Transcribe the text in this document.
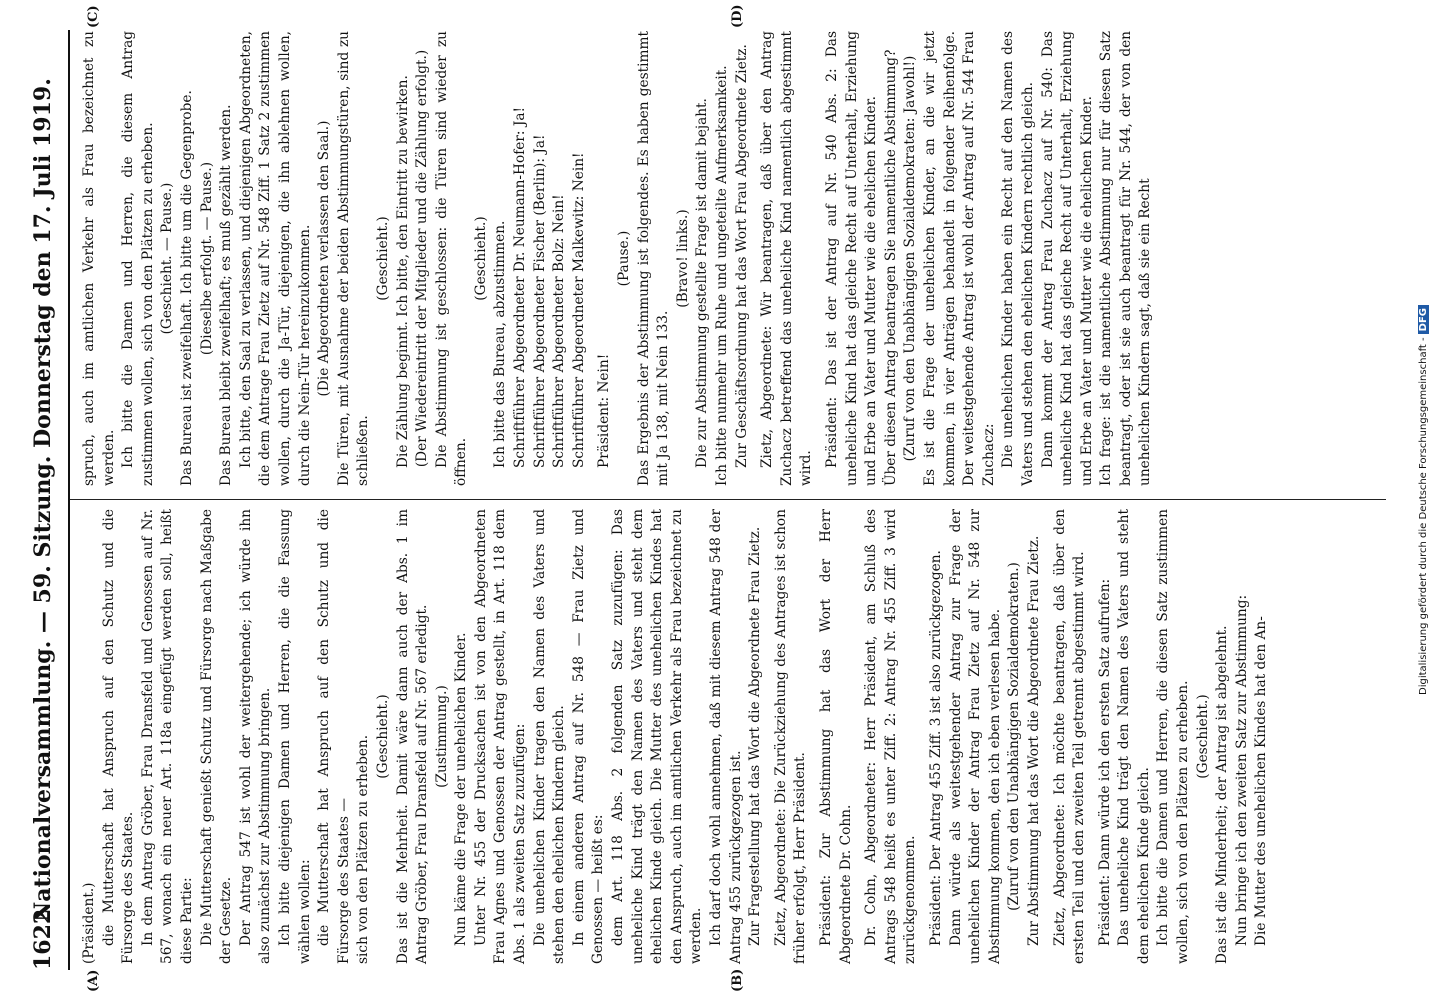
1622
Nationalversammlung. — 59. Sitzung. Donnerstag den 17. Juli 1919.
(A)	(B)
(C)	(D)

(Präsident.) die Mutterschaft hat Anspruch auf den Schutz und die Fürsorge des Staates. In dem Antrag Gröber, Frau Dransfeld und Genossen auf Nr. 567, wonach ein neuer Art. 118a eingefügt werden soll, heißt diese Partie: Die Mutterschaft genießt Schutz und Fürsorge nach Maßgabe der Gesetze. Der Antrag 547 ist wohl der weitergehende; ich würde ihn also zunächst zur Abstimmung bringen. Ich bitte diejenigen Damen und Herren, die die Fassung wählen wollen: die Mutterschaft hat Anspruch auf den Schutz und die Fürsorge des Staates — sich von den Plätzen zu erheben. (Geschieht.) Das ist die Mehrheit. Damit wäre dann auch der Abs. 1 im Antrag Gröber, Frau Dransfeld auf Nr. 567 erledigt. (Zustimmung.) Nun käme die Frage der unehelichen Kinder. Unter Nr. 455 der Drucksachen ist von den Abgeordneten Frau Agnes und Genossen der Antrag gestellt, in Art. 118 dem Abs. 1 als zweiten Satz zuzufügen: Die unehelichen Kinder tragen den Namen des Vaters und stehen den ehelichen Kindern gleich. In einem anderen Antrag auf Nr. 548 — Frau Zietz und Genossen — heißt es: dem Art. 118 Abs. 2 folgenden Satz zuzufügen: Das uneheliche Kind trägt den Namen des Vaters und steht dem ehelichen Kinde gleich. Die Mutter des unehelichen Kindes hat den Anspruch, auch im amtlichen Verkehr als Frau bezeichnet zu werden. Ich darf doch wohl annehmen, daß mit diesem Antrag 548 der Antrag 455 zurückgezogen ist. Zur Fragestellung hat das Wort die Abgeordnete Frau Zietz. Zietz, Abgeordnete: Die Zurückziehung des Antrages ist schon früher erfolgt, Herr Präsident. Präsident: Zur Abstimmung hat das Wort der Herr Abgeordnete Dr. Cohn. Dr. Cohn, Abgeordneter: Herr Präsident, am Schluß des Antrags 548 heißt es unter Ziff. 2: Antrag Nr. 455 Ziff. 3 wird zurückgenommen. Präsident: Der Antrag 455 Ziff. 3 ist also zurückgezogen. Dann würde als weitestgehender Antrag zur Frage der unehelichen Kinder der Antrag Frau Zietz auf Nr. 548 zur Abstimmung kommen, den ich eben verlesen habe. (Zuruf von den Unabhängigen Sozialdemokraten.) Zur Abstimmung hat das Wort die Abgeordnete Frau Zietz. Zietz, Abgeordnete: Ich möchte beantragen, daß über den ersten Teil und den zweiten Teil getrennt abgestimmt wird. Präsident: Dann würde ich den ersten Satz aufrufen: Das uneheliche Kind trägt den Namen des Vaters und steht dem ehelichen Kinde gleich. Ich bitte die Damen und Herren, die diesen Satz zustimmen wollen, sich von den Plätzen zu erheben. (Geschieht.) Das ist die Minderheit; der Antrag ist abgelehnt. Nun bringe ich den zweiten Satz zur Abstimmung: Die Mutter des unehelichen Kindes hat den An-

spruch, auch im amtlichen Verkehr als Frau bezeichnet zu werden. Ich bitte die Damen und Herren, die diesem Antrag zustimmen wollen, sich von den Plätzen zu erheben. (Geschieht. — Pause.) Das Bureau ist zweifelhaft. Ich bitte um die Gegenprobe. (Dieselbe erfolgt. — Pause.) Das Bureau bleibt zweifelhaft; es muß gezählt werden. Ich bitte, den Saal zu verlassen, und diejenigen Abgeordneten, die dem Antrage Frau Zietz auf Nr. 548 Ziff. 1 Satz 2 zustimmen wollen, durch die Ja-Tür, diejenigen, die ihn ablehnen wollen, durch die Nein-Tür hereinzukommen. (Die Abgeordneten verlassen den Saal.) Die Türen, mit Ausnahme der beiden Abstimmungstüren, sind zu schließen.

(Geschieht.) Die Zählung beginnt. Ich bitte, den Eintritt zu bewirken. (Der Wiedereintritt der Mitglieder und die Zählung erfolgt.) Die Abstimmung ist geschlossen: die Türen sind wieder zu öffnen.

(Geschieht.) Ich bitte das Bureau, abzustimmen. Schriftführer Abgeordneter Dr. Neumann-Hofer: Ja! Schriftführer Abgeordneter Fischer (Berlin): Ja! Schriftführer Abgeordneter Bolz: Nein! Schriftführer Abgeordneter Malkewitz: Nein! Präsident: Nein!

(Pause.) Das Ergebnis der Abstimmung ist folgendes. Es haben gestimmt mit Ja 138, mit Nein 133.

(Bravo! links.) Die zur Abstimmung gestellte Frage ist damit bejaht. Ich bitte nunmehr um Ruhe und ungeteilte Aufmerksamkeit. Zur Geschäftsordnung hat das Wort Frau Abgeordnete Zietz. Zietz, Abgeordnete: Wir beantragen, daß über den Antrag Zuchacz betreffend das uneheliche Kind namentlich abgestimmt wird.

Präsident: Das ist der Antrag auf Nr. 540 Abs. 2: Das uneheliche Kind hat das gleiche Recht auf Unterhalt, Erziehung und Erbe an Vater und Mutter wie die ehelichen Kinder. Über diesen Antrag beantragen Sie namentliche Abstimmung? (Zuruf von den Unabhängigen Sozialdemokraten: Jawohl!) Es ist die Frage der unehelichen Kinder, an die wir jetzt kommen, in vier Anträgen behandelt in folgender Reihenfolge. Der weitestgehende Antrag ist wohl der Antrag auf Nr. 544 Frau Zuchacz: Die unehelichen Kinder haben ein Recht auf den Namen des Vaters und stehen den ehelichen Kindern rechtlich gleich. Dann kommt der Antrag Frau Zuchacz auf Nr. 540: Das uneheliche Kind hat das gleiche Recht auf Unterhalt, Erziehung und Erbe an Vater und Mutter wie die ehelichen Kinder. Ich frage: ist die namentliche Abstimmung nur für diesen Satz beantragt, oder ist sie auch beantragt für Nr. 544, der von den unehelichen Kindern sagt, daß sie ein Recht

Digitalisierung gefördert durch die Deutsche Forschungsgemeinschaft -DFG
